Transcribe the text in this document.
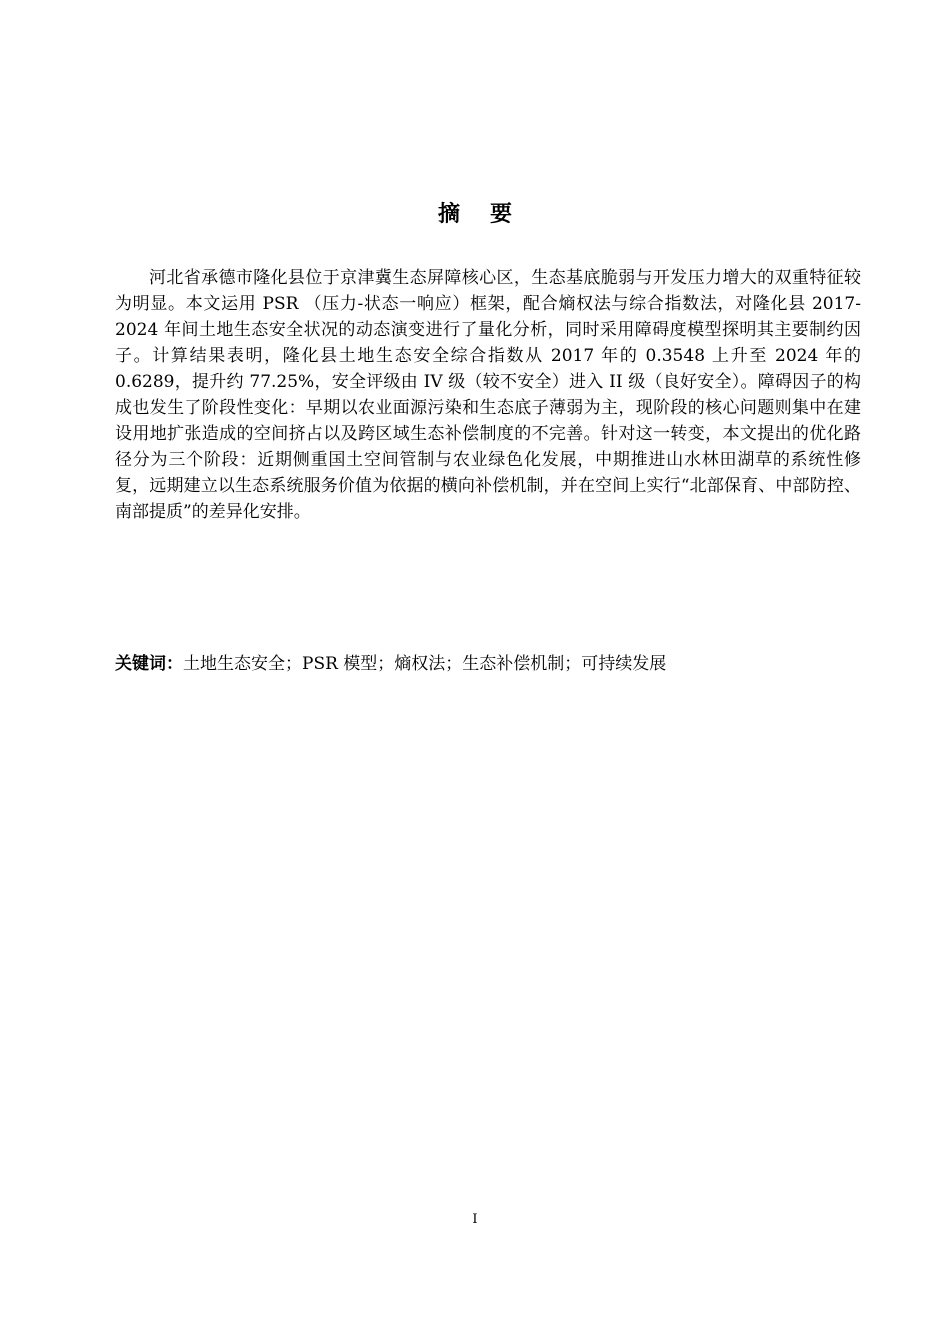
摘 要

河北省承德市隆化县位于京津冀生态屏障核心区，生态基底脆弱与开发压力增大的双重特征较为明显。本文运用 PSR （压力-状态一响应）框架，配合熵权法与综合指数法，对隆化县 2017-2024 年间土地生态安全状况的动态演变进行了量化分析，同时采用障碍度模型探明其主要制约因子。计算结果表明，隆化县土地生态安全综合指数从 2017 年的 0.3548 上升至 2024 年的 0.6289，提升约 77.25%，安全评级由 IV 级（较不安全）进入 II 级（良好安全）。障碍因子的构成也发生了阶段性变化：早期以农业面源污染和生态底子薄弱为主，现阶段的核心问题则集中在建设用地扩张造成的空间挤占以及跨区域生态补偿制度的不完善。针对这一转变，本文提出的优化路径分为三个阶段：近期侧重国土空间管制与农业绿色化发展，中期推进山水林田湖草的系统性修复，远期建立以生态系统服务价值为依据的横向补偿机制，并在空间上实行“北部保育、中部防控、南部提质”的差异化安排。

关键词：土地生态安全；PSR 模型；熵权法；生态补偿机制；可持续发展

I
